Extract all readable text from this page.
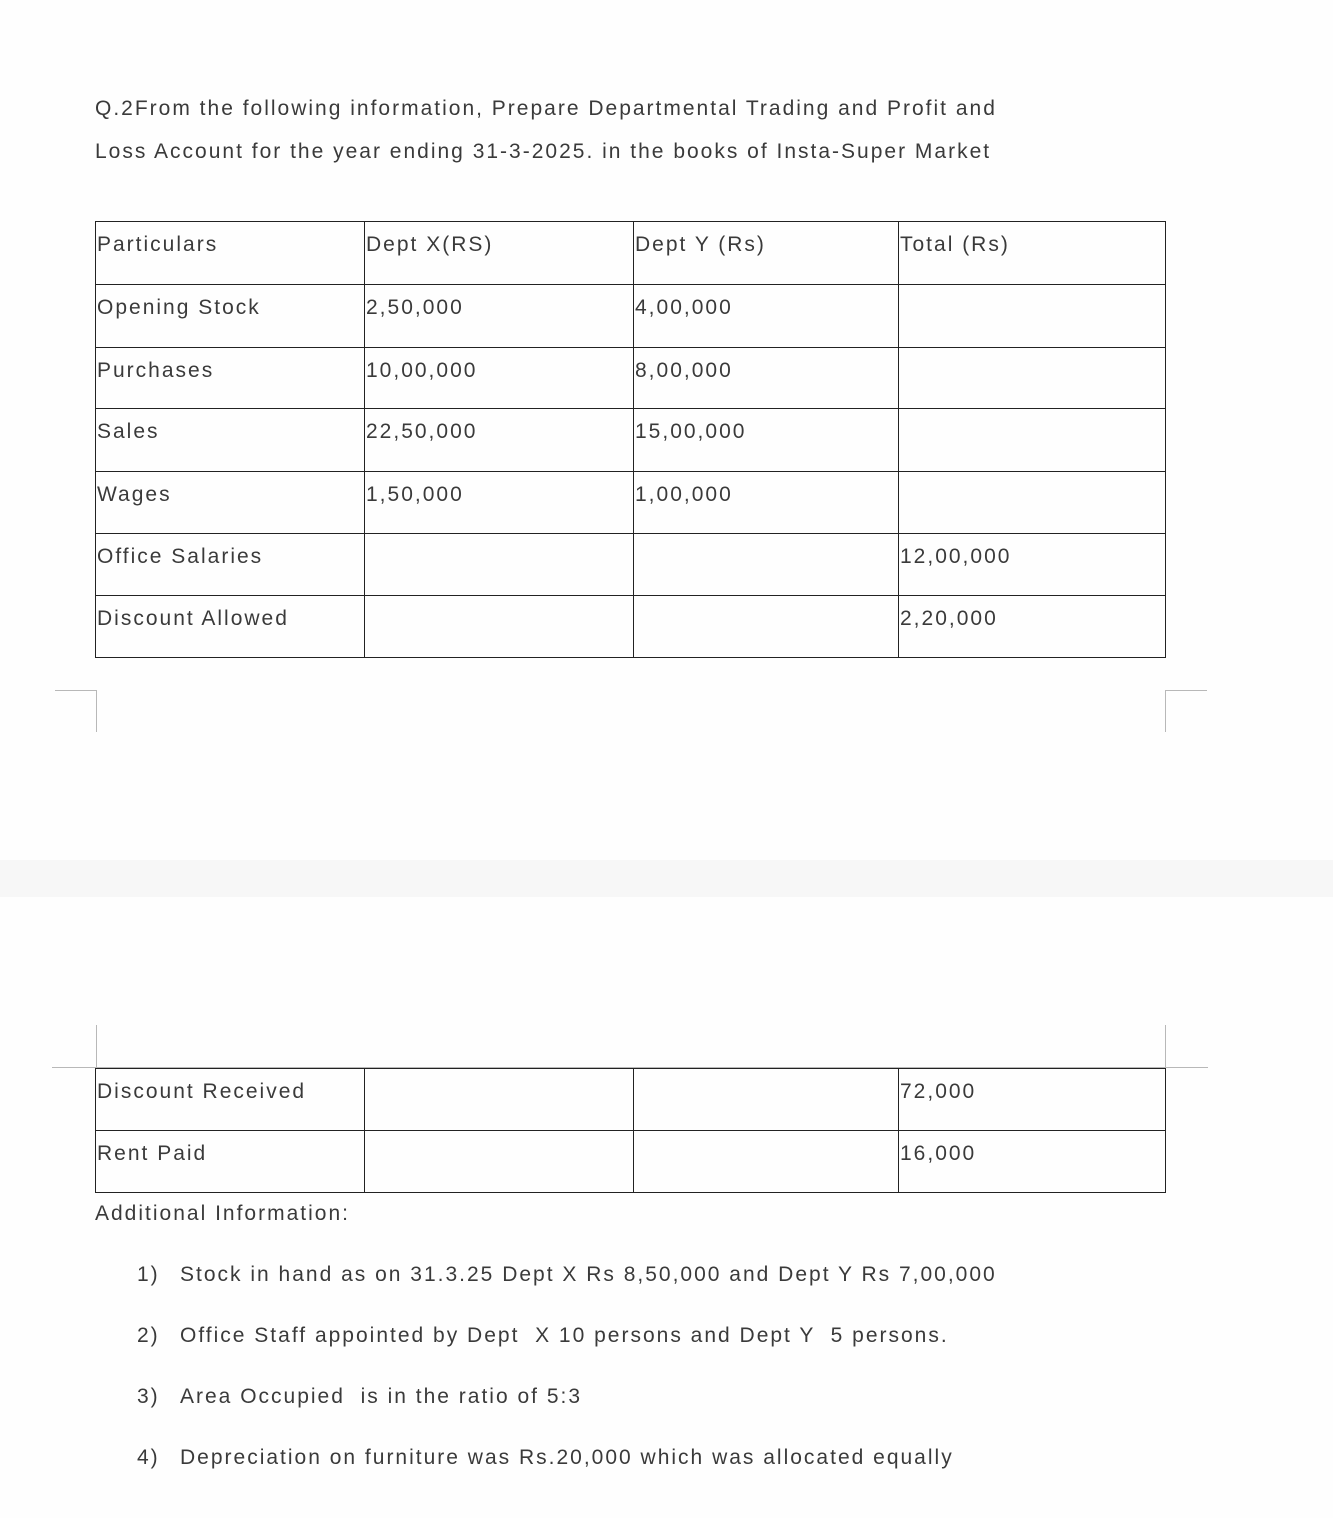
Q.2From the following information, Prepare Departmental Trading and Profit and
Loss Account for the year ending 31-3-2025. in the books of Insta-Super Market
Particulars	Dept X(RS)	Dept Y (Rs)	Total (Rs)

Opening Stock	2,50,000	4,00,000	

Purchases	10,00,000	8,00,000	

Sales	22,50,000	15,00,000	

Wages	1,50,000	1,00,000	

Office Salaries			12,00,000

Discount Allowed			2,20,000
Discount Received			72,000

Rent Paid			16,000
Additional Information:
1) Stock in hand as on 31.3.25 Dept X Rs 8,50,000 and Dept Y Rs 7,00,000
2) Office Staff appointed by Dept  X 10 persons and Dept Y  5 persons.
3) Area Occupied  is in the ratio of 5:3
4) Depreciation on furniture was Rs.20,000 which was allocated equally
